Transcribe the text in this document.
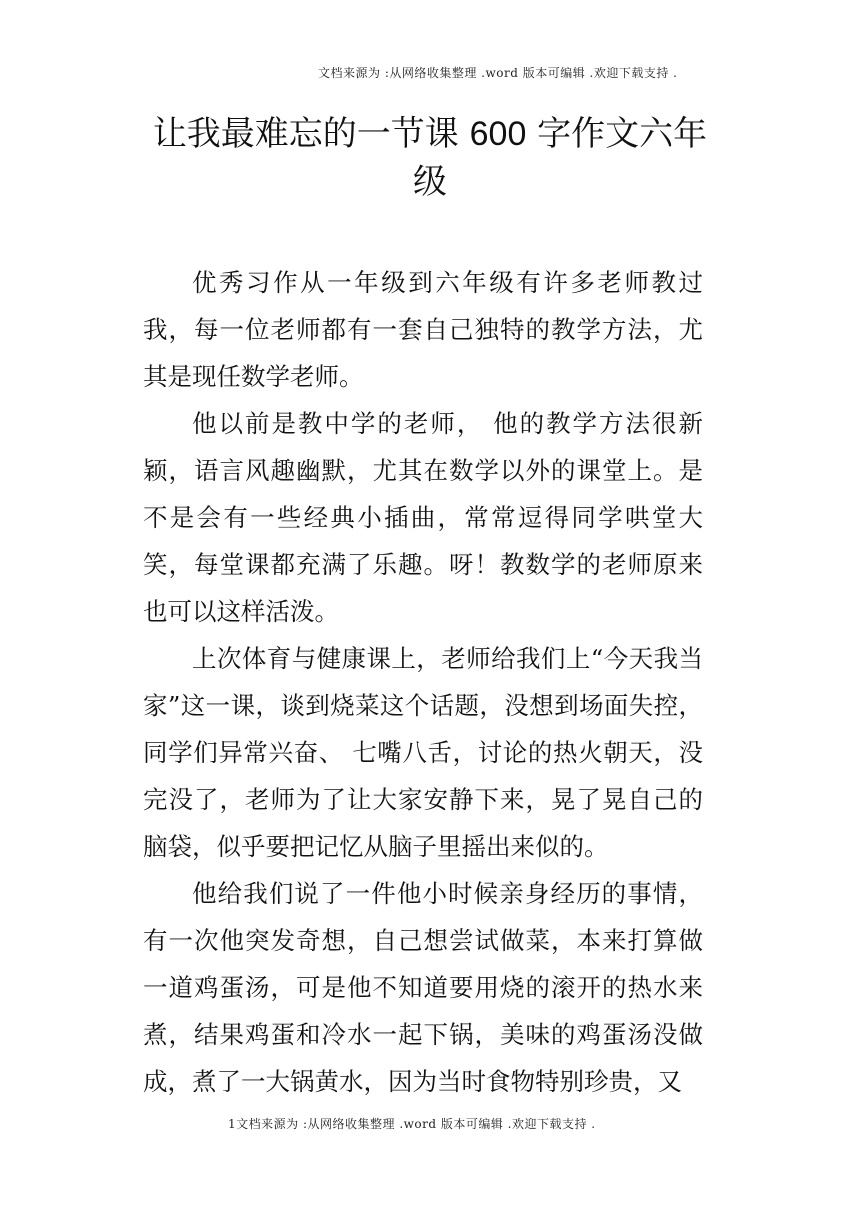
文档来源为 :从网络收集整理 .word 版本可编辑 .欢迎下载支持 .
让我最难忘的一节课 600 字作文六年级

优秀习作从一年级到六年级有许多老师教过我，每一位老师都有一套自己独特的教学方法，尤其是现任数学老师。

他以前是教中学的老师， 他的教学方法很新颖，语言风趣幽默，尤其在数学以外的课堂上。是不是会有一些经典小插曲，常常逗得同学哄堂大笑，每堂课都充满了乐趣。呀！教数学的老师原来也可以这样活泼。

上次体育与健康课上，老师给我们上“今天我当家”这一课，谈到烧菜这个话题，没想到场面失控，同学们异常兴奋、 七嘴八舌，讨论的热火朝天，没完没了，老师为了让大家安静下来，晃了晃自己的脑袋，似乎要把记忆从脑子里摇出来似的。

他给我们说了一件他小时候亲身经历的事情，有一次他突发奇想，自己想尝试做菜，本来打算做一道鸡蛋汤，可是他不知道要用烧的滚开的热水来煮，结果鸡蛋和冷水一起下锅，美味的鸡蛋汤没做成，煮了一大锅黄水，因为当时食物特别珍贵，又

1文档来源为 :从网络收集整理 .word 版本可编辑 .欢迎下载支持 .
